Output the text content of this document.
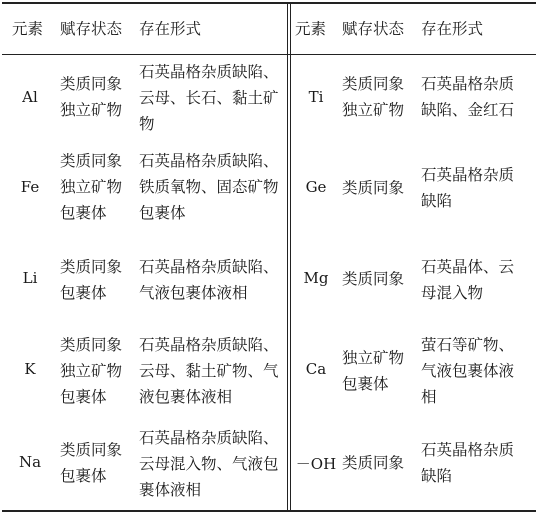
元素 赋存状态 存在形式	元素 赋存状态 存在形式
Al
类质同象
独立矿物
石英晶格杂质缺陷、
云母、长石、黏土矿
物
Ti
类质同象
独立矿物
石英晶格杂质
缺陷、金红石
Fe
类质同象
独立矿物
包裹体
石英晶格杂质缺陷、
铁质氧物、固态矿物
包裹体
Ge	类质同象
石英晶格杂质
缺陷
Li
类质同象
包裹体
石英晶格杂质缺陷、
气液包裹体液相
Mg 类质同象
石英晶体、云
母混入物
K
类质同象
独立矿物
包裹体
石英晶格杂质缺陷、
云母、黏土矿物、气
液包裹体液相
Ca
独立矿物
包裹体
萤石等矿物、
气液包裹体液
相
Na
类质同象
包裹体
石英晶格杂质缺陷、
云母混入物、气液包
裹体液相
－OH 类质同象
石英晶格杂质
缺陷
